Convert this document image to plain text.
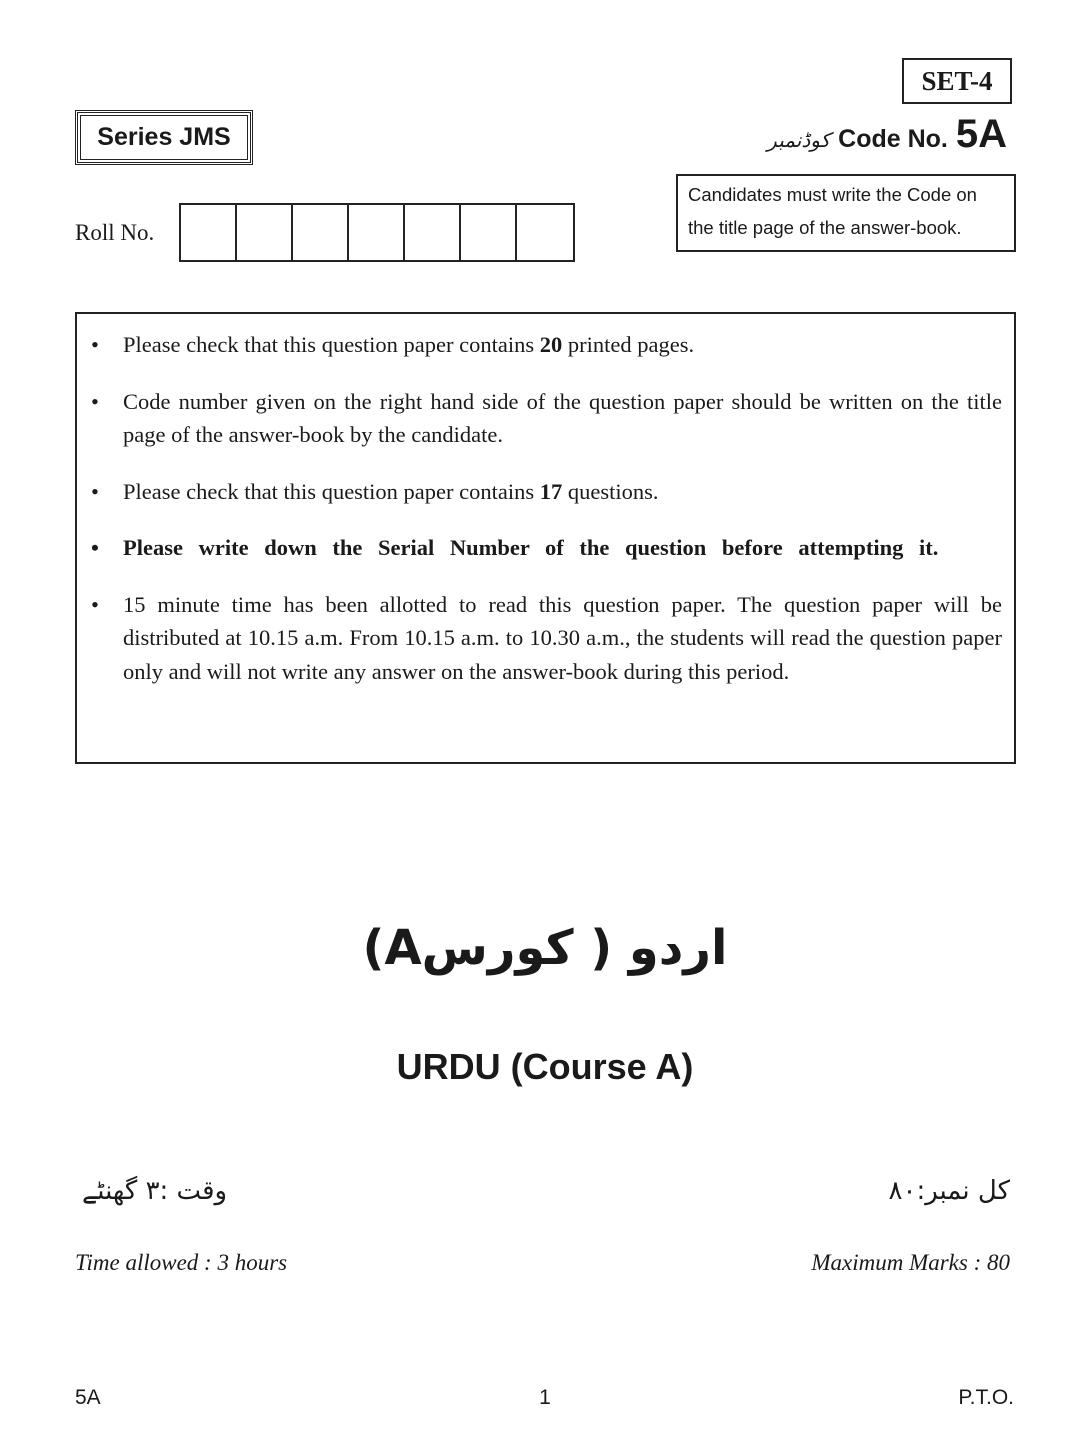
SET-4
Series JMS	کوڈنمبر Code No. 5A
Candidates must write the Code on
the title page of the answer-book.
Roll No.
• Please check that this question paper contains 20 printed pages.
• Code number given on the right hand side of the question paper should be written on the title page of the answer-book by the candidate.
• Please check that this question paper contains 17 questions.
• Please write down the Serial Number of the question before attempting it.
• 15 minute time has been allotted to read this question paper. The question paper will be distributed at 10.15 a.m. From 10.15 a.m. to 10.30 a.m., the students will read the question paper only and will not write any answer on the answer-book during this period.
اردو ( کورسA)
URDU (Course A)
وقت :۳ گھنٹے	کل نمبر:۸۰
Time allowed : 3 hours	Maximum Marks : 80
5A	1	P.T.O.
